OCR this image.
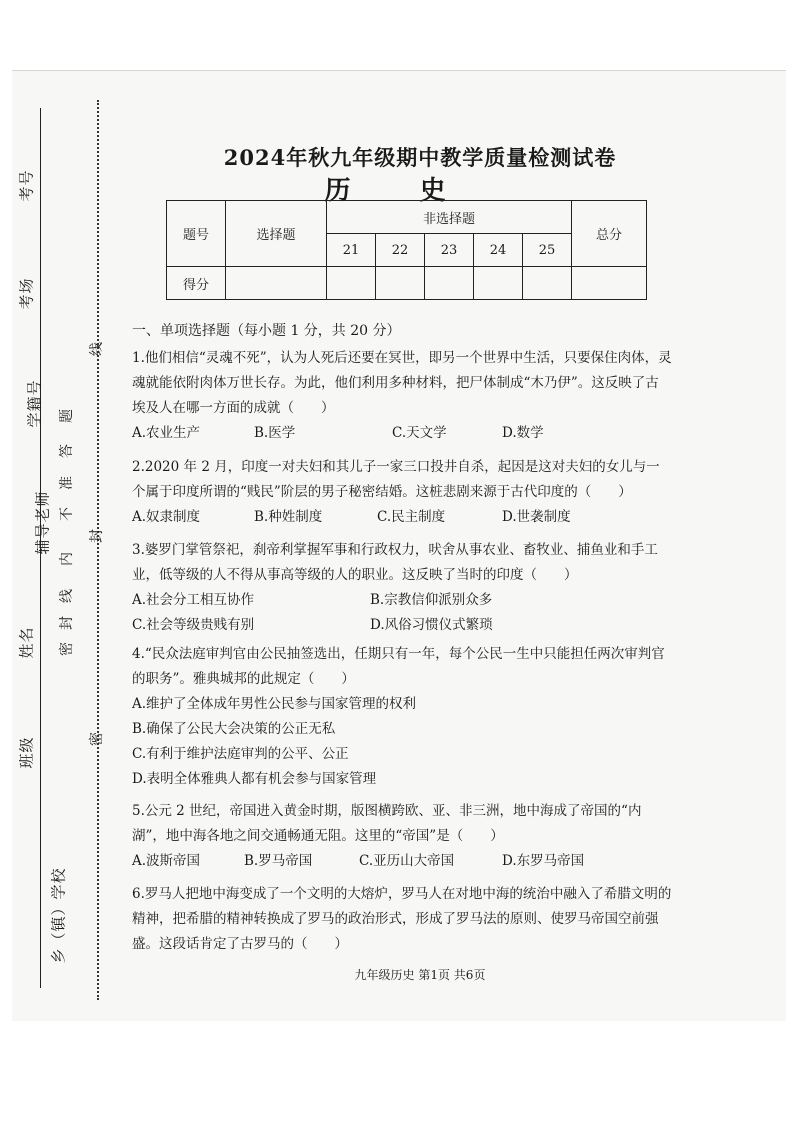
考号
考场
学籍号
辅导老师
姓名
班级
乡（镇）学校
线
题
答
准
不
内
封
线
密
封
密
2024年秋九年级期中教学质量检测试卷
历 史
题号	选择题	非选择题					总分
		21	22	23	24	25	
得分							
一、单项选择题（每小题 1 分，共 20 分）
1.他们相信“灵魂不死”，认为人死后还要在冥世，即另一个世界中生活，只要保住肉体，灵魂就能依附肉体万世长存。为此，他们利用多种材料，把尸体制成“木乃伊”。这反映了古埃及人在哪一方面的成就（　　）
A.农业生产	B.医学	C.天文学	D.数学
2.2020 年 2 月，印度一对夫妇和其儿子一家三口投井自杀，起因是这对夫妇的女儿与一个属于印度所谓的“贱民”阶层的男子秘密结婚。这桩悲剧来源于古代印度的（　　）
A.奴隶制度	B.种姓制度	C.民主制度	D.世袭制度
3.婆罗门掌管祭祀，刹帝利掌握军事和行政权力，吠舍从事农业、畜牧业、捕鱼业和手工业，低等级的人不得从事高等级的人的职业。这反映了当时的印度（　　）
A.社会分工相互协作	B.宗教信仰派别众多
C.社会等级贵贱有别	D.风俗习惯仪式繁琐
4.“民众法庭审判官由公民抽签选出，任期只有一年，每个公民一生中只能担任两次审判官的职务”。雅典城邦的此规定（　　）
A.维护了全体成年男性公民参与国家管理的权利
B.确保了公民大会决策的公正无私
C.有利于维护法庭审判的公平、公正
D.表明全体雅典人都有机会参与国家管理
5.公元 2 世纪，帝国进入黄金时期，版图横跨欧、亚、非三洲，地中海成了帝国的“内湖”，地中海各地之间交通畅通无阻。这里的“帝国”是（　　）
A.波斯帝国	B.罗马帝国	C.亚历山大帝国	D.东罗马帝国
6.罗马人把地中海变成了一个文明的大熔炉，罗马人在对地中海的统治中融入了希腊文明的精神，把希腊的精神转换成了罗马的政治形式，形成了罗马法的原则、使罗马帝国空前强盛。这段话肯定了古罗马的（　　）
九年级历史 第1页 共6页
